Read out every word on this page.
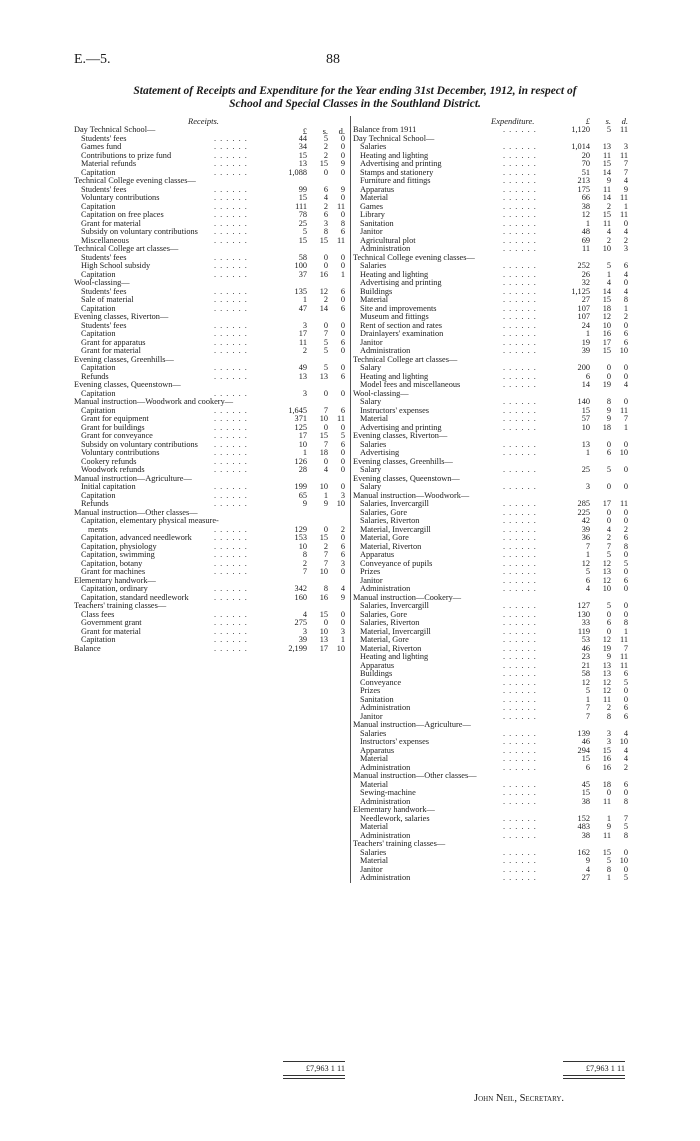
E.—5.	88
Statement of Receipts and Expenditure for the Year ending 31st December, 1912, in respect of
School and Special Classes in the Southland District.
Receipts.
£ s. d.
Day Technical School—
Students' fees	. . . . . .	44	5	0
Games fund	. . . . . .	34	2	0
Contributions to prize fund	. . . . . .	15	2	0
Material refunds	. . . . . .	13	15	9
Capitation	. . . . . .	1,088	0	0
Technical College evening classes—
Students' fees	. . . . . .	99	6	9
Voluntary contributions	. . . . . .	15	4	0
Capitation	. . . . . .	111	2	11
Capitation on free places	. . . . . .	78	6	0
Grant for material	. . . . . .	25	3	8
Subsidy on voluntary contributions . . . . . .	5	8	6
Miscellaneous	. . . . . .	15	15	11
Technical College art classes—
Students' fees	. . . . . .	58	0	0
High School subsidy	. . . . . .	100	0	0
Capitation	. . . . . .	37	16	1
Wool-classing—
Students' fees	. . . . . .	135	12	6
Sale of material	. . . . . .	1	2	0
Capitation	. . . . . .	47	14	6
Evening classes, Riverton—
Students' fees	. . . . . .	3	0	0
Capitation	. . . . . .	17	7	0
Grant for apparatus	. . . . . .	11	5	6
Grant for material	. . . . . .	2	5	0
Evening classes, Greenhills—
Capitation	. . . . . .	49	5	0
Refunds	. . . . . .	13	13	6
Evening classes, Queenstown—
Capitation	. . . . . .	3	0	0
Manual instruction—Woodwork and cookery—
Capitation	. . . . . .	1,645	7	6
Grant for equipment	. . . . . .	371	10	11
Grant for buildings	. . . . . .	125	0	0
Grant for conveyance	. . . . . .	17	15	5
Subsidy on voluntary contributions . . . . . .	10	7	6
Voluntary contributions	. . . . . .	1	18	0
Cookery refunds	. . . . . .	126	0	0
Woodwork refunds	. . . . . .	28	4	0
Manual instruction—Agriculture—
Initial capitation	. . . . . .	199	10	0
Capitation	. . . . . .	65	1	3
Refunds	. . . . . .	9	9	10
Manual instruction—Other classes—
Capitation, elementary physical measure-
ments	. . . . . .	129	0	2
Capitation, advanced needlework	. . . . . .	153	15	0
Capitation, physiology	. . . . . .	10	2	6
Capitation, swimming	. . . . . .	8	7	6
Capitation, botany	. . . . . .	2	7	3
Grant for machines	. . . . . .	7	10	0
Elementary handwork—
Capitation, ordinary	. . . . . .	342	8	4
Capitation, standard needlework	. . . . . .	160	16	9
Teachers' training classes—
Class fees	. . . . . .	4	15	0
Government grant	. . . . . .	275	0	0
Grant for material	. . . . . .	3	10	3
Capitation	. . . . . .	39	13	1
Balance	. . . . . .	2,199	17	10
Expenditure.	£ s. d.
Balance from 1911	. . . . . .	1,120	5	11
Day Technical School—
Salaries	. . . . . .	1,014	13	3
Heating and lighting	. . . . . .	20	11	11
Advertising and printing	. . . . . .	70	15	7
Stamps and stationery	. . . . . .	51	14	7
Furniture and fittings	. . . . . .	213	9	4
Apparatus	. . . . . .	175	11	9
Material	. . . . . .	66	14	11
Games	. . . . . .	38	2	1
Library	. . . . . .	12	15	11
Sanitation	. . . . . .	1	11	0
Janitor	. . . . . .	48	4	4
Agricultural plot	. . . . . .	69	2	2
Administration	. . . . . .	11	10	3
Technical College evening classes—
Salaries	. . . . . .	252	5	6
Heating and lighting	. . . . . .	26	1	4
Advertising and printing	. . . . . .	32	4	0
Buildings	. . . . . .	1,125	14	4
Material	. . . . . .	27	15	8
Site and improvements	. . . . . .	107	18	1
Museum and fittings	. . . . . .	107	12	2
Rent of section and rates	. . . . . .	24	10	0
Drainlayers' examination	. . . . . .	1	16	6
Janitor	. . . . . .	19	17	6
Administration	. . . . . .	39	15	10
Technical College art classes—
Salary	. . . . . .	200	0	0
Heating and lighting	. . . . . .	6	0	0
Model fees and miscellaneous	. . . . . .	14	19	4
Wool-classing—
Salary	. . . . . .	140	8	0
Instructors' expenses	. . . . . .	15	9	11
Material	. . . . . .	57	9	7
Advertising and printing	. . . . . .	10	18	1
Evening classes, Riverton—
Salaries	. . . . . .	13	0	0
Advertising	. . . . . .	1	6	10
Evening classes, Greenhills—
Salary	. . . . . .	25	5	0
Evening classes, Queenstown—
Salary	. . . . . .	3	0	0
Manual instruction—Woodwork—
Salaries, Invercargill	. . . . . .	285	17	11
Salaries, Gore	. . . . . .	225	0	0
Salaries, Riverton	. . . . . .	42	0	0
Material, Invercargill	. . . . . .	39	4	2
Material, Gore	. . . . . .	36	2	6
Material, Riverton	. . . . . .	7	7	8
Apparatus	. . . . . .	1	5	0
Conveyance of pupils	. . . . . .	12	12	5
Prizes	. . . . . .	5	13	0
Janitor	. . . . . .	6	12	6
Administration	. . . . . .	4	10	0
Manual instruction—Cookery—
Salaries, Invercargill	. . . . . .	127	5	0
Salaries, Gore	. . . . . .	130	0	0
Salaries, Riverton	. . . . . .	33	6	8
Material, Invercargill	. . . . . .	119	0	1
Material, Gore	. . . . . .	53	12	11
Material, Riverton	. . . . . .	46	19	7
Heating and lighting	. . . . . .	23	9	11
Apparatus	. . . . . .	21	13	11
Buildings	. . . . . .	58	13	6
Conveyance	. . . . . .	12	12	5
Prizes	. . . . . .	5	12	0
Sanitation	. . . . . .	1	11	0
Administration	. . . . . .	7	2	6
Janitor	. . . . . .	7	8	6
Manual instruction—Agriculture—
Salaries	. . . . . .	139	3	4
Instructors' expenses	. . . . . .	46	3	10
Apparatus	. . . . . .	294	15	4
Material	. . . . . .	15	16	4
Administration	. . . . . .	6	16	2
Manual instruction—Other classes—
Material	. . . . . .	45	18	6
Sewing-machine	. . . . . .	15	0	0
Administration	. . . . . .	38	11	8
Elementary handwork—
Needlework, salaries	. . . . . .	152	1	7
Material	. . . . . .	483	9	5
Administration	. . . . . .	38	11	8
Teachers' training classes—
Salaries	. . . . . .	162	15	0
Material	. . . . . .	9	5	10
Janitor	. . . . . .	4	8	0
Administration	. . . . . .	27	1	5
£7,963 1 11	£7,963 1 11
John Neil, Secretary.
